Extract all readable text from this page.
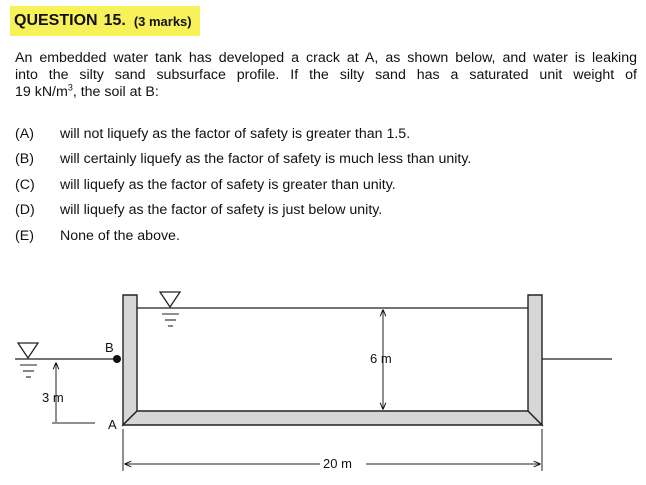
QUESTION 15. (3 marks)
An embedded water tank has developed a crack at A, as shown below, and water is leaking
into the silty sand subsurface profile. If the silty sand has a saturated unit weight of
19 $kN/m^3$, the soil at B:
(A)	will not liquefy as the factor of safety is greater than 1.5.
(B)	will certainly liquefy as the factor of safety is much less than unity.
(C)	will liquefy as the factor of safety is greater than unity.
(D)	will liquefy as the factor of safety is just below unity.
(E)	None of the above.
B
A
6 m
3 m
20 m
